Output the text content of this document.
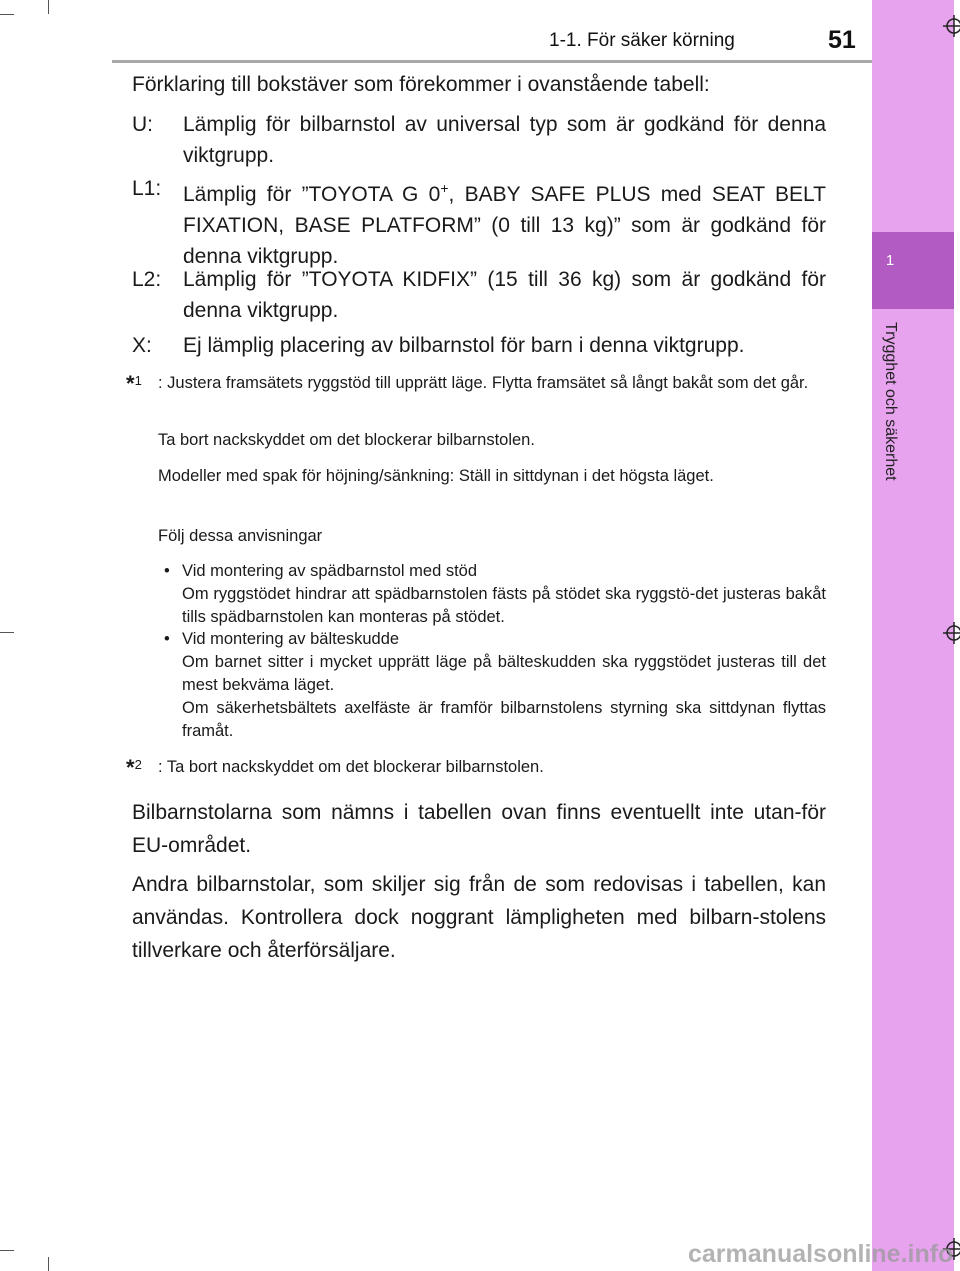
1
Trygghet och säkerhet
1-1. För säker körning	51
Förklaring till bokstäver som förekommer i ovanstående tabell:
U: Lämplig för bilbarnstol av universal typ som är godkänd för denna viktgrupp.
L1: Lämplig för ”TOYOTA G 0+, BABY SAFE PLUS med SEAT BELT FIXATION, BASE PLATFORM” (0 till 13 kg)” som är godkänd för denna viktgrupp.
L2: Lämplig för ”TOYOTA KIDFIX” (15 till 36 kg) som är godkänd för denna viktgrupp.
X: Ej lämplig placering av bilbarnstol för barn i denna viktgrupp.
*$^1$ : Justera framsätets ryggstöd till upprätt läge. Flytta framsätet så långt bakåt som det går.
Ta bort nackskyddet om det blockerar bilbarnstolen.
Modeller med spak för höjning/sänkning: Ställ in sittdynan i det högsta läget.
Följ dessa anvisningar
• Vid montering av spädbarnstol med stöd
Om ryggstödet hindrar att spädbarnstolen fästs på stödet ska ryggstö-det justeras bakåt tills spädbarnstolen kan monteras på stödet.
• Vid montering av bälteskudde
Om barnet sitter i mycket upprätt läge på bälteskudden ska ryggstödet justeras till det mest bekväma läget.
Om säkerhetsbältets axelfäste är framför bilbarnstolens styrning ska sittdynan flyttas framåt.
*$^2$ : Ta bort nackskyddet om det blockerar bilbarnstolen.
Bilbarnstolarna som nämns i tabellen ovan finns eventuellt inte utan-för EU-området.
Andra bilbarnstolar, som skiljer sig från de som redovisas i tabellen, kan användas. Kontrollera dock noggrant lämpligheten med bilbarn-stolens tillverkare och återförsäljare.
carmanualsonline.info
